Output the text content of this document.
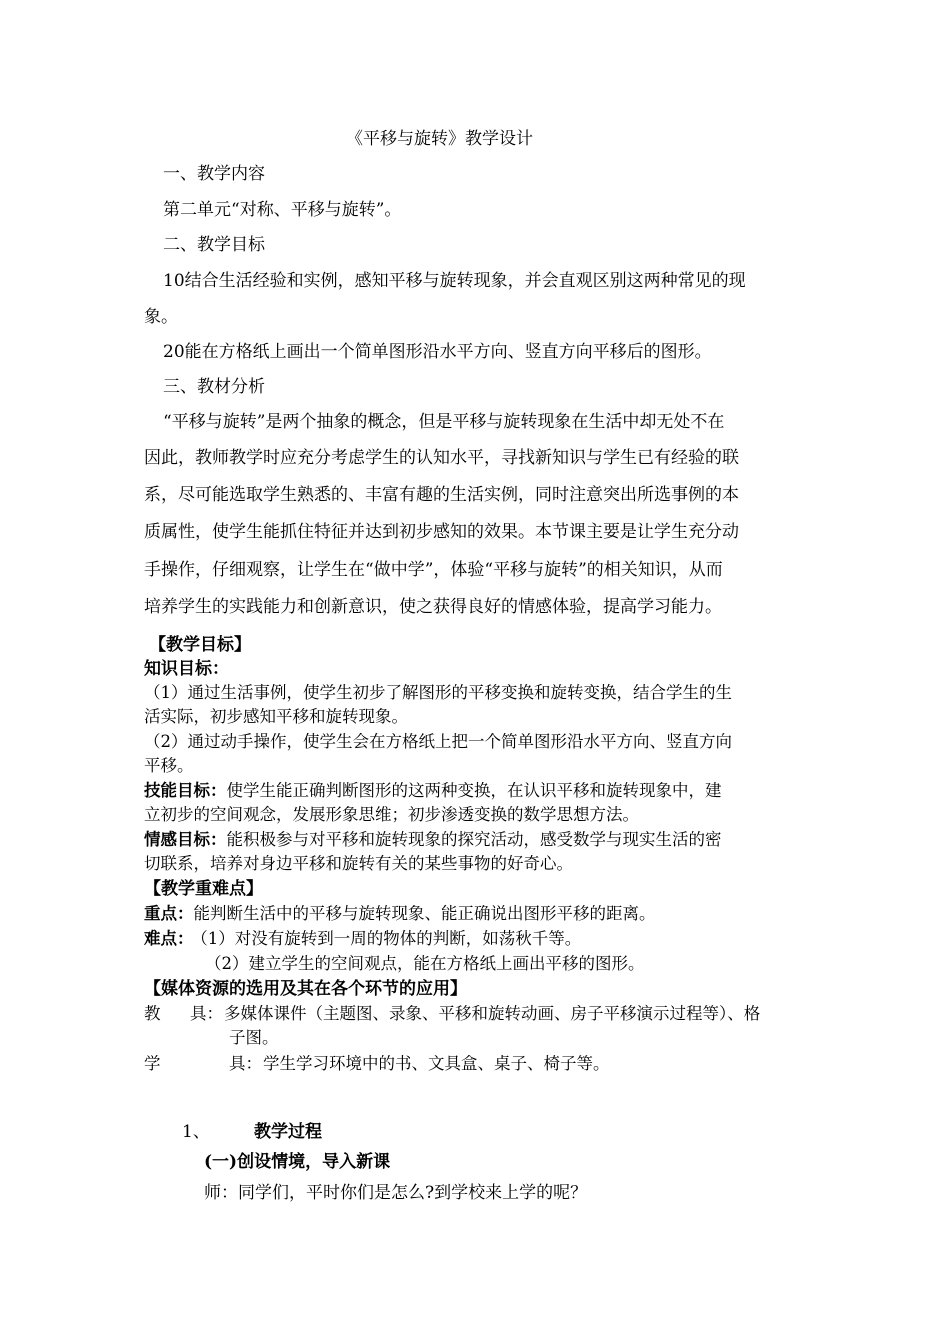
《平移与旋转》教学设计
一、教学内容
第二单元“对称、平移与旋转”。
二、教学目标
10结合生活经验和实例，感知平移与旋转现象，并会直观区别这两种常见的现
象。
20能在方格纸上画出一个简单图形沿水平方向、竖直方向平移后的图形。
三、教材分析
“平移与旋转”是两个抽象的概念，但是平移与旋转现象在生活中却无处不在
因此，教师教学时应充分考虑学生的认知水平，寻找新知识与学生已有经验的联
系，尽可能选取学生熟悉的、丰富有趣的生活实例，同时注意突出所选事例的本
质属性，使学生能抓住特征并达到初步感知的效果。本节课主要是让学生充分动
手操作，仔细观察，让学生在“做中学”，体验“平移与旋转”的相关知识，从而
培养学生的实践能力和创新意识，使之获得良好的情感体验，提高学习能力。
【教学目标】
知识目标：
（1）通过生活事例，使学生初步了解图形的平移变换和旋转变换，结合学生的生
活实际，初步感知平移和旋转现象。
（2）通过动手操作，使学生会在方格纸上把一个简单图形沿水平方向、竖直方向
平移。
技能目标：使学生能正确判断图形的这两种变换，在认识平移和旋转现象中，建
立初步的空间观念，发展形象思维；初步渗透变换的数学思想方法。
情感目标：能积极参与对平移和旋转现象的探究活动，感受数学与现实生活的密
切联系，培养对身边平移和旋转有关的某些事物的好奇心。
【教学重难点】
重点：能判断生活中的平移与旋转现象、能正确说出图形平移的距离。
难点： （1）对没有旋转到一周的物体的判断，如荡秋千等。
（2）建立学生的空间观点，能在方格纸上画出平移的图形。
【媒体资源的选用及其在各个环节的应用】
教 具： 多媒体课件（主题图、录象、平移和旋转动画、房子平移演示过程等）、格
子图。
学	具： 学生学习环境中的书、文具盒、桌子、椅子等。
1、	教学过程
(一)创设情境，导入新课
师：同学们，平时你们是怎么?到学校来上学的呢？
